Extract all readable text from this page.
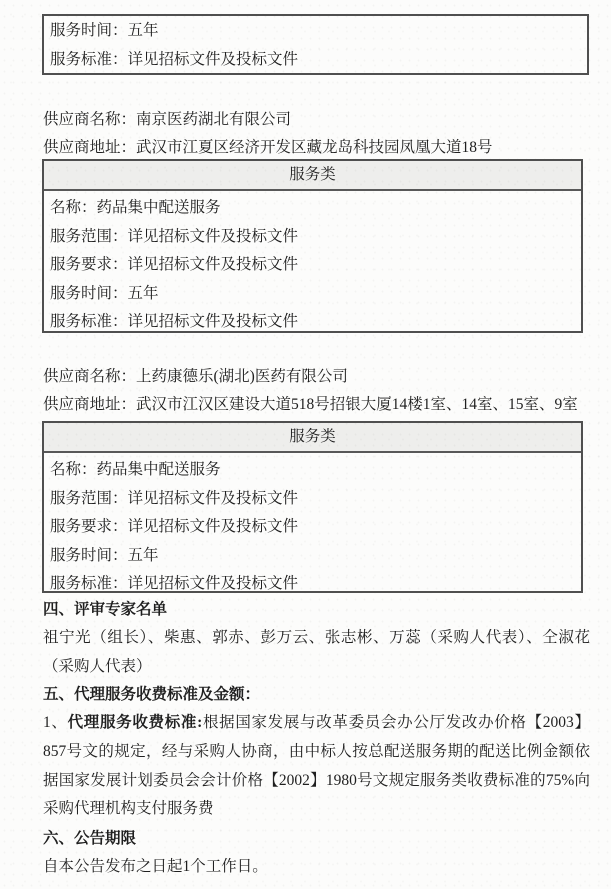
服务时间：五年
服务标准：详见招标文件及投标文件
供应商名称：南京医药湖北有限公司
供应商地址：武汉市江夏区经济开发区藏龙岛科技园凤凰大道18号
服务类
名称：药品集中配送服务
服务范围：详见招标文件及投标文件
服务要求：详见招标文件及投标文件
服务时间：五年
服务标准：详见招标文件及投标文件
供应商名称：上药康德乐(湖北)医药有限公司
供应商地址：武汉市江汉区建设大道518号招银大厦14楼1室、14室、15室、9室
服务类
名称：药品集中配送服务
服务范围：详见招标文件及投标文件
服务要求：详见招标文件及投标文件
服务时间：五年
服务标准：详见招标文件及投标文件
四、评审专家名单
祖宁光（组长）、柴惠、郭赤、彭万云、张志彬、万蕊（采购人代表）、仝淑花（采购人代表）
五、代理服务收费标准及金额：
1、代理服务收费标准:根据国家发展与改革委员会办公厅发改办价格【2003】857号文的规定，经与采购人协商，由中标人按总配送服务期的配送比例金额依据国家发展计划委员会会计价格【2002】1980号文规定服务类收费标准的75%向采购代理机构支付服务费
六、公告期限
自本公告发布之日起1个工作日。
